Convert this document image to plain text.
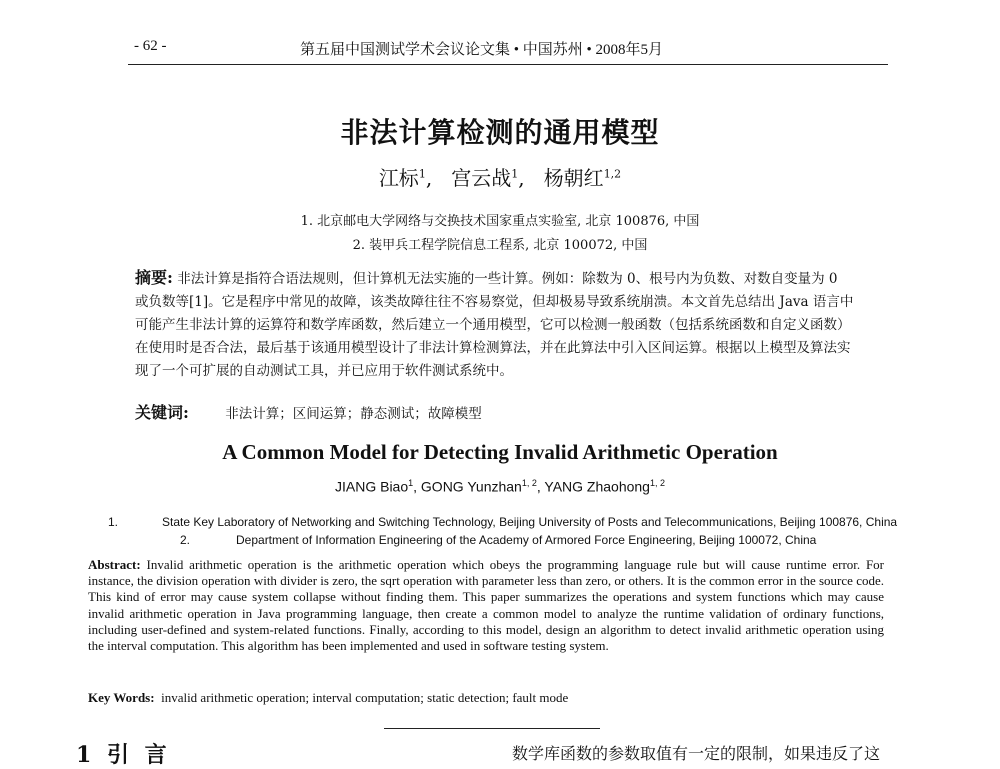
- 62 -	第五届中国测试学术会议论文集 • 中国苏州 • 2008年5月
非法计算检测的通用模型
江标$^1$,   宫云战$^1$,   杨朝红$^{1,2}$
1. 北京邮电大学网络与交换技术国家重点实验室, 北京 100876, 中国
2. 装甲兵工程学院信息工程系, 北京 100072, 中国
摘要: 非法计算是指符合语法规则，但计算机无法实施的一些计算。例如：除数为 0、根号内为负数、对数自变量为 0 或负数等[1]。它是程序中常见的故障，该类故障往往不容易察觉，但却极易导致系统崩溃。本文首先总结出 Java 语言中可能产生非法计算的运算符和数学库函数，然后建立一个通用模型，它可以检测一般函数（包括系统函数和自定义函数）在使用时是否合法，最后基于该通用模型设计了非法计算检测算法，并在此算法中引入区间运算。根据以上模型及算法实现了一个可扩展的自动测试工具，并已应用于软件测试系统中。
关键词:	非法计算；区间运算；静态测试；故障模型
A Common Model for Detecting Invalid Arithmetic Operation
JIANG Biao$^1$, GONG Yunzhan$^{1, 2}$, YANG Zhaohong$^{1, 2}$
1.	State Key Laboratory of Networking and Switching Technology, Beijing University of Posts and Telecommunications, Beijing 100876, China
2.	Department of Information Engineering of the Academy of Armored Force Engineering, Beijing 100072, China
Abstract: Invalid arithmetic operation is the arithmetic operation which obeys the programming language rule but will cause runtime error. For instance, the division operation with divider is zero, the sqrt operation with parameter less than zero, or others. It is the common error in the source code. This kind of error may cause system collapse without finding them. This paper summarizes the operations and system functions which may cause invalid arithmetic operation in Java programming language, then create a common model to analyze the runtime validation of ordinary functions, including user-defined and system-related functions. Finally, according to this model, design an algorithm to detect invalid arithmetic operation using the interval computation. This algorithm has been implemented and used in software testing system.
Key Words: invalid arithmetic operation; interval computation; static detection; fault mode
1 引 言	数学库函数的参数取值有一定的限制，如果违反了这
